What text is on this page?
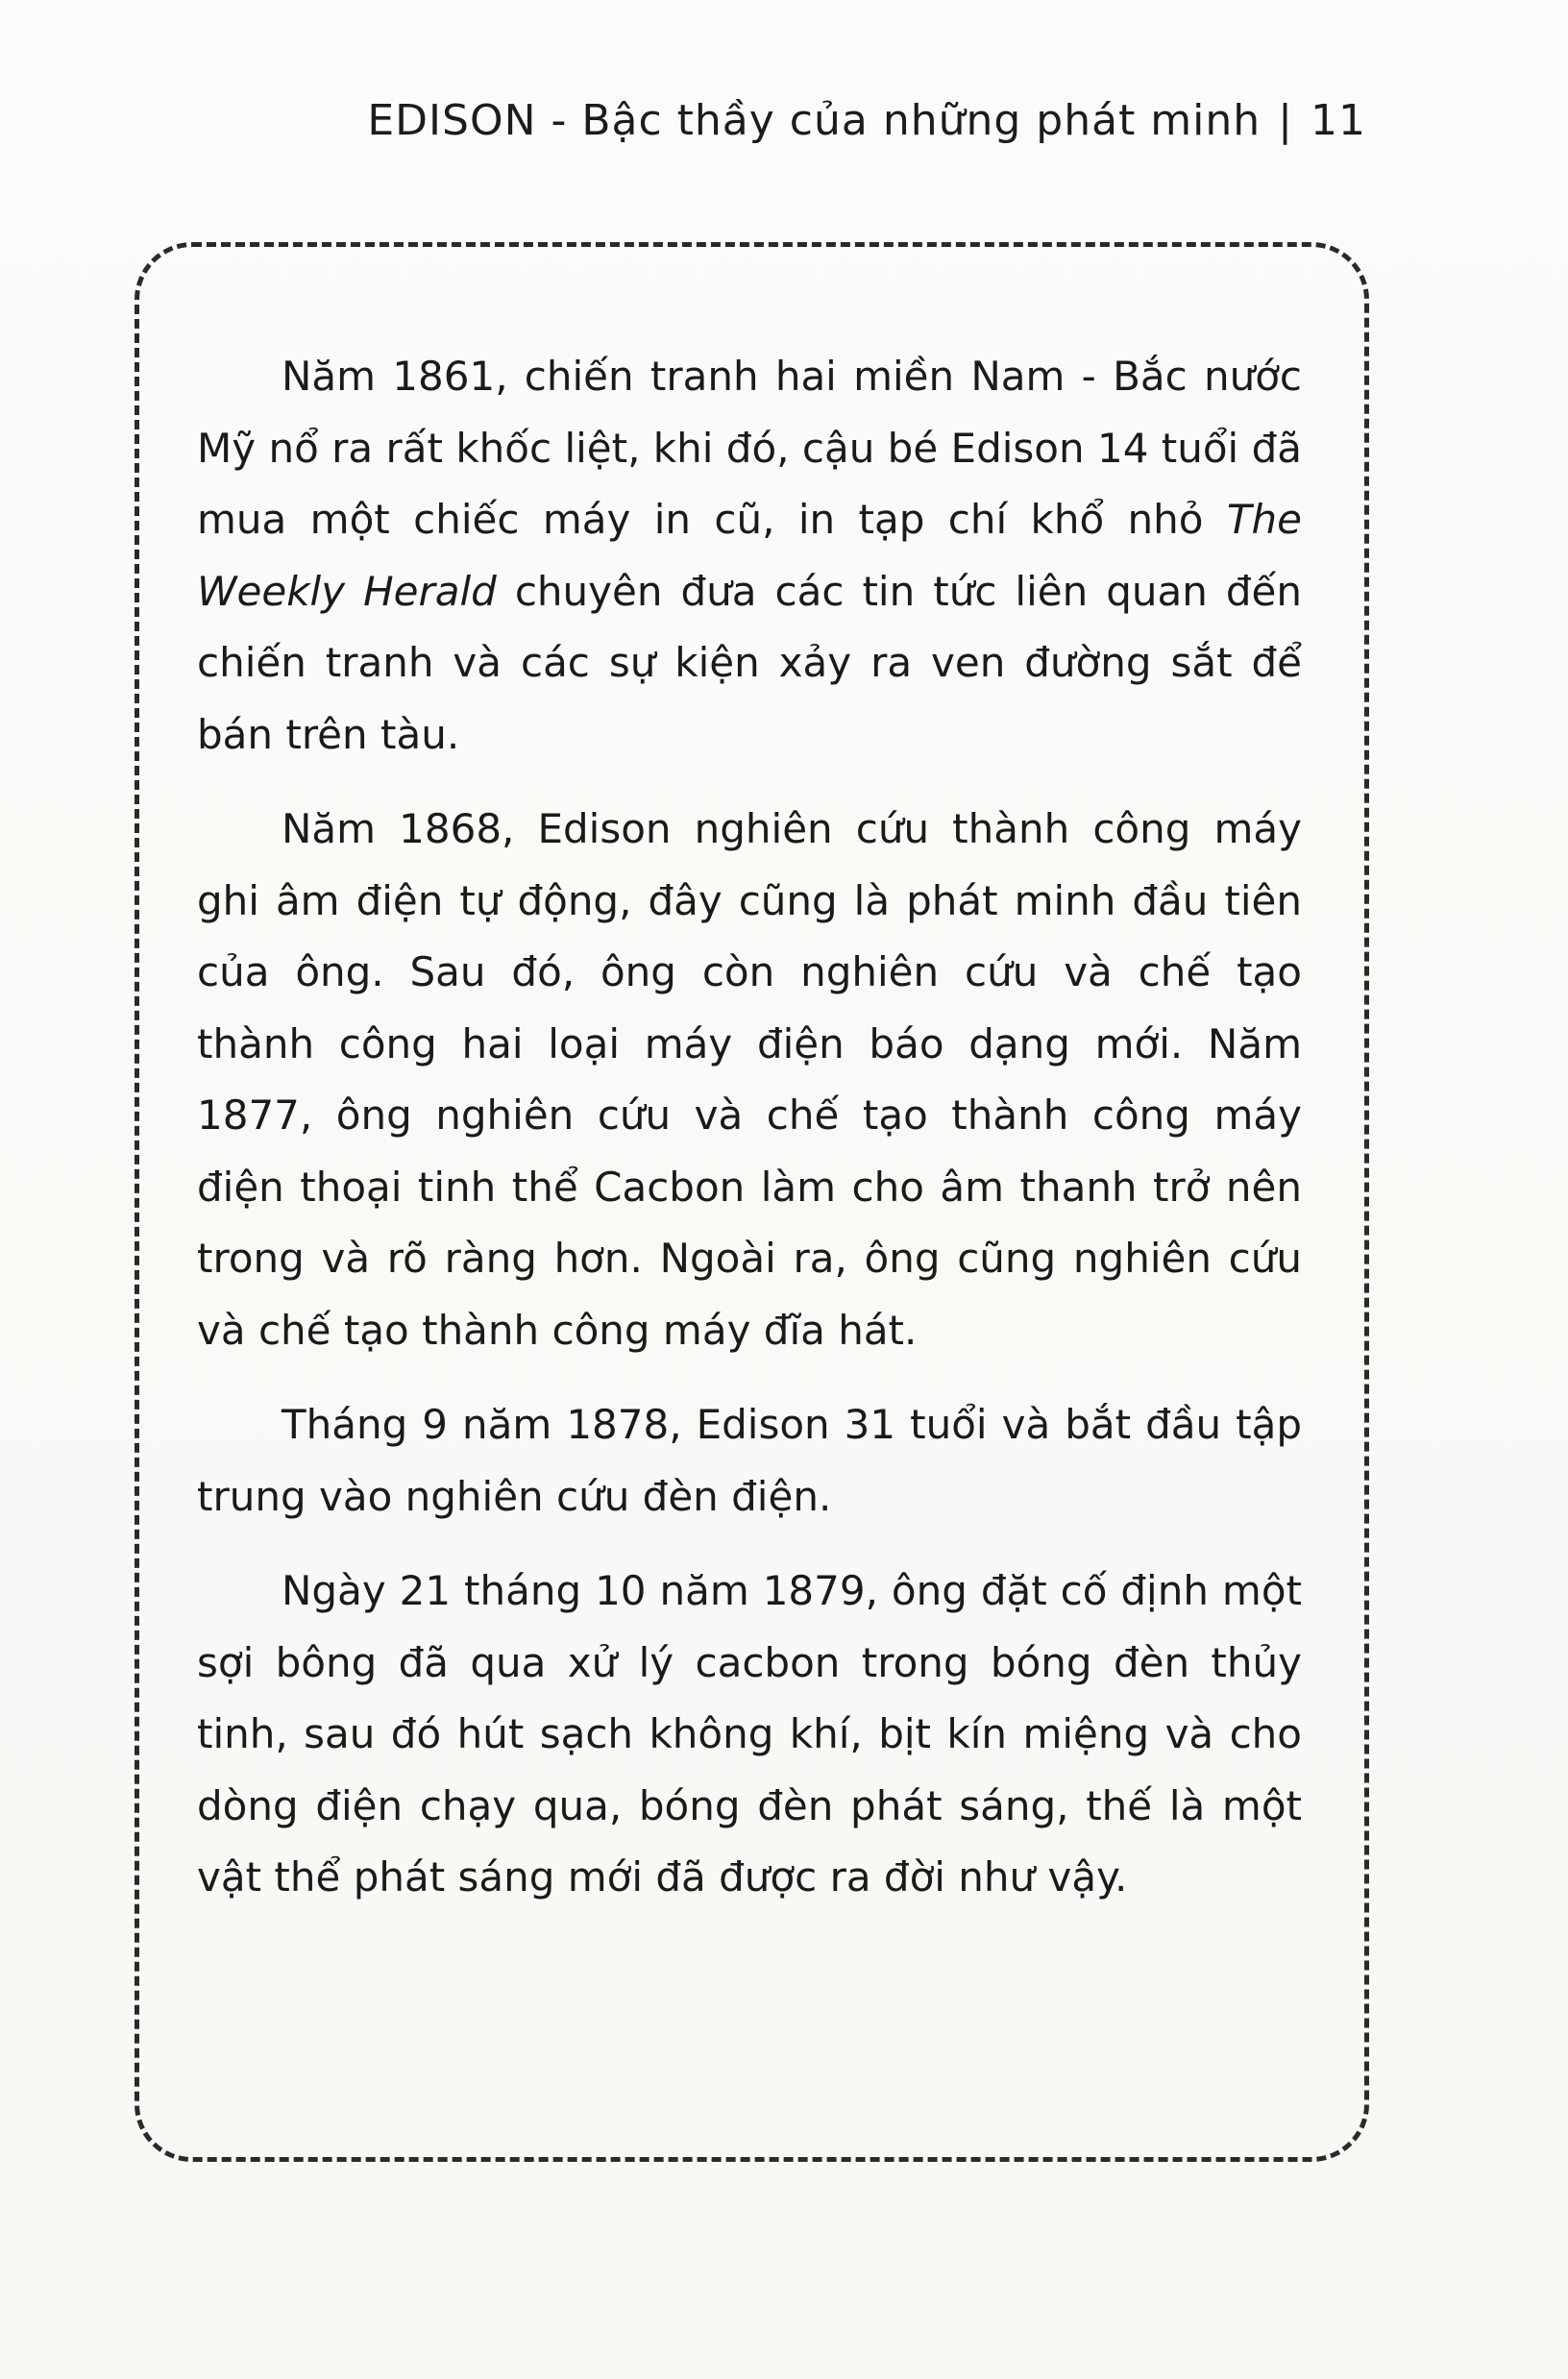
EDISON - Bậc thầy của những phát minh | 11

Năm 1861, chiến tranh hai miền Nam - Bắc nước Mỹ nổ ra rất khốc liệt, khi đó, cậu bé Edison 14 tuổi đã mua một chiếc máy in cũ, in tạp chí khổ nhỏ The Weekly Herald chuyên đưa các tin tức liên quan đến chiến tranh và các sự kiện xảy ra ven đường sắt để bán trên tàu.

Năm 1868, Edison nghiên cứu thành công máy ghi âm điện tự động, đây cũng là phát minh đầu tiên của ông. Sau đó, ông còn nghiên cứu và chế tạo thành công hai loại máy điện báo dạng mới. Năm 1877, ông nghiên cứu và chế tạo thành công máy điện thoại tinh thể Cacbon làm cho âm thanh trở nên trong và rõ ràng hơn. Ngoài ra, ông cũng nghiên cứu và chế tạo thành công máy đĩa hát.

Tháng 9 năm 1878, Edison 31 tuổi và bắt đầu tập trung vào nghiên cứu đèn điện.

Ngày 21 tháng 10 năm 1879, ông đặt cố định một sợi bông đã qua xử lý cacbon trong bóng đèn thủy tinh, sau đó hút sạch không khí, bịt kín miệng và cho dòng điện chạy qua, bóng đèn phát sáng, thế là một vật thể phát sáng mới đã được ra đời như vậy.
